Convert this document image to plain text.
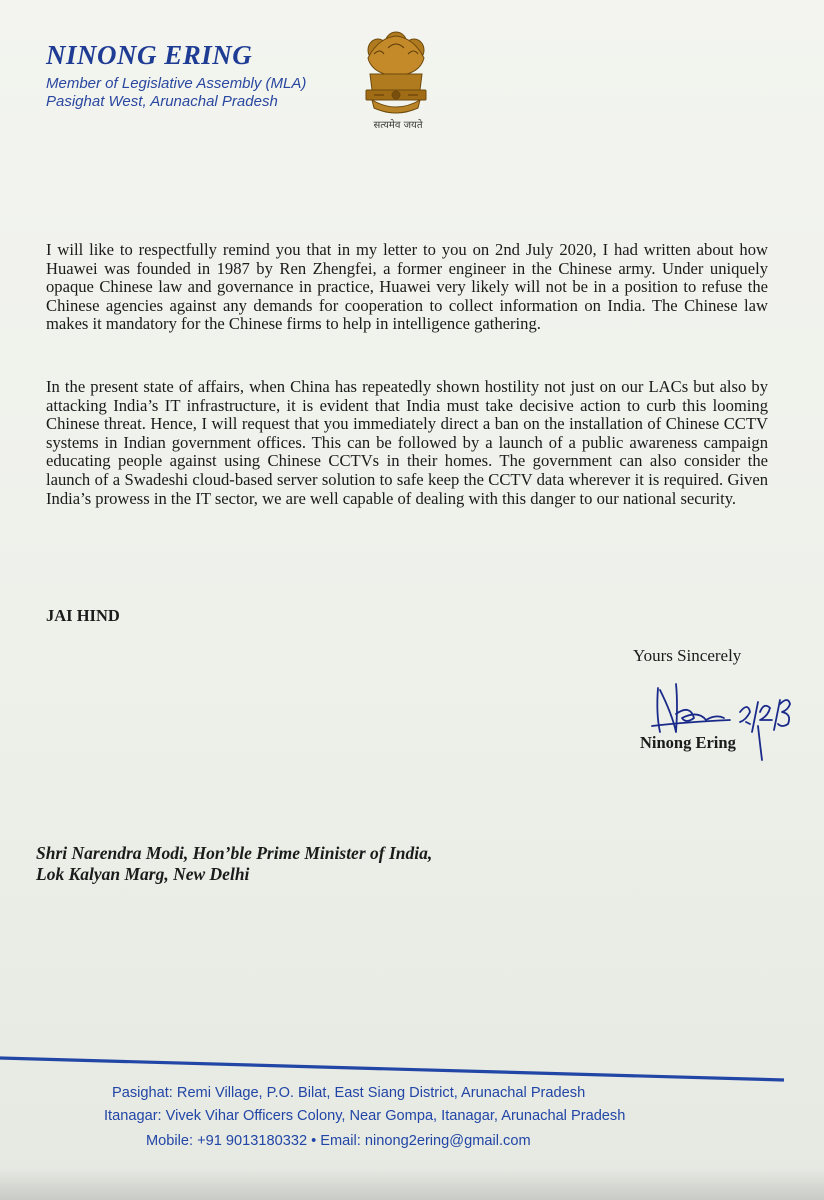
NINONG ERING
Member of Legislative Assembly (MLA)
Pasighat West, Arunachal Pradesh
सत्यमेव जयते
I will like to respectfully remind you that in my letter to you on 2nd July 2020, I had written about how Huawei was founded in 1987 by Ren Zhengfei, a former engineer in the Chinese army. Under uniquely opaque Chinese law and governance in practice, Huawei very likely will not be in a position to refuse the Chinese agencies against any demands for cooperation to collect information on India. The Chinese law makes it mandatory for the Chinese firms to help in intelligence gathering.
In the present state of affairs, when China has repeatedly shown hostility not just on our LACs but also by attacking India’s IT infrastructure, it is evident that India must take decisive action to curb this looming Chinese threat. Hence, I will request that you immediately direct a ban on the installation of Chinese CCTV systems in Indian government offices. This can be followed by a launch of a public awareness campaign educating people against using Chinese CCTVs in their homes. The government can also consider the launch of a Swadeshi cloud-based server solution to safe keep the CCTV data wherever it is required. Given India’s prowess in the IT sector, we are well capable of dealing with this danger to our national security.
JAI HIND
Yours Sincerely
Ninong Ering
Shri Narendra Modi, Hon’ble Prime Minister of India,
Lok Kalyan Marg, New Delhi
Pasighat: Remi Village, P.O. Bilat, East Siang District, Arunachal Pradesh
Itanagar: Vivek Vihar Officers Colony, Near Gompa, Itanagar, Arunachal Pradesh
Mobile: +91 9013180332 • Email: ninong2ering@gmail.com
